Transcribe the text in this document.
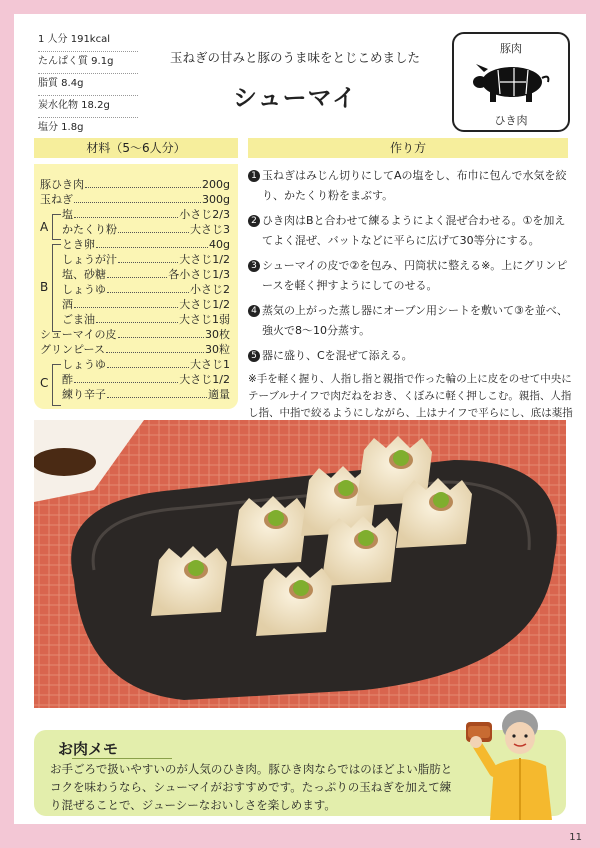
11
1 人分 191kcal
たんぱく質 9.1g
脂質 8.4g
炭水化物 18.2g
塩分 1.8g
玉ねぎの甘みと豚のうま味をとじこめました
シューマイ
豚肉
ひき肉
材料（5〜6人分）	作り方
豚ひき肉	200g
玉ねぎ	300g
A
塩	小さじ2/3
かたくり粉	大さじ3
B
とき卵	40g
しょうが汁	大さじ1/2
塩、砂糖	各小さじ1/3
しょうゆ	小さじ2
酒	大さじ1/2
ごま油	大さじ1弱
シューマイの皮	30枚
グリンピース	30粒
C
しょうゆ	大さじ1
酢	大さじ1/2
練り辛子	適量
1 玉ねぎはみじん切りにしてAの塩をし、布巾に包んで水気を絞り、かたくり粉をまぶす。
2 ひき肉はBと合わせて練るようによく混ぜ合わせる。①を加えてよく混ぜ、バットなどに平らに広げて30等分にする。
3 シューマイの皮で②を包み、円筒状に整える※。上にグリンピースを軽く押すようにしてのせる。
4 蒸気の上がった蒸し器にオーブン用シートを敷いて③を並べ、強火で8〜10分蒸す。
5 器に盛り、Cを混ぜて添える。
※手を軽く握り、人指し指と親指で作った輪の上に皮をのせて中央にテーブルナイフで肉だねをおき、くぼみに軽く押しこむ。親指、人指し指、中指で絞るようにしながら、上はナイフで平らにし、底は薬指
お肉メモ
お手ごろで扱いやすいのが人気のひき肉。豚ひき肉ならではのほどよい脂肪とコクを味わうなら、シューマイがおすすめです。たっぷりの玉ねぎを加えて練り混ぜることで、ジューシーなおいしさを楽しめます。
